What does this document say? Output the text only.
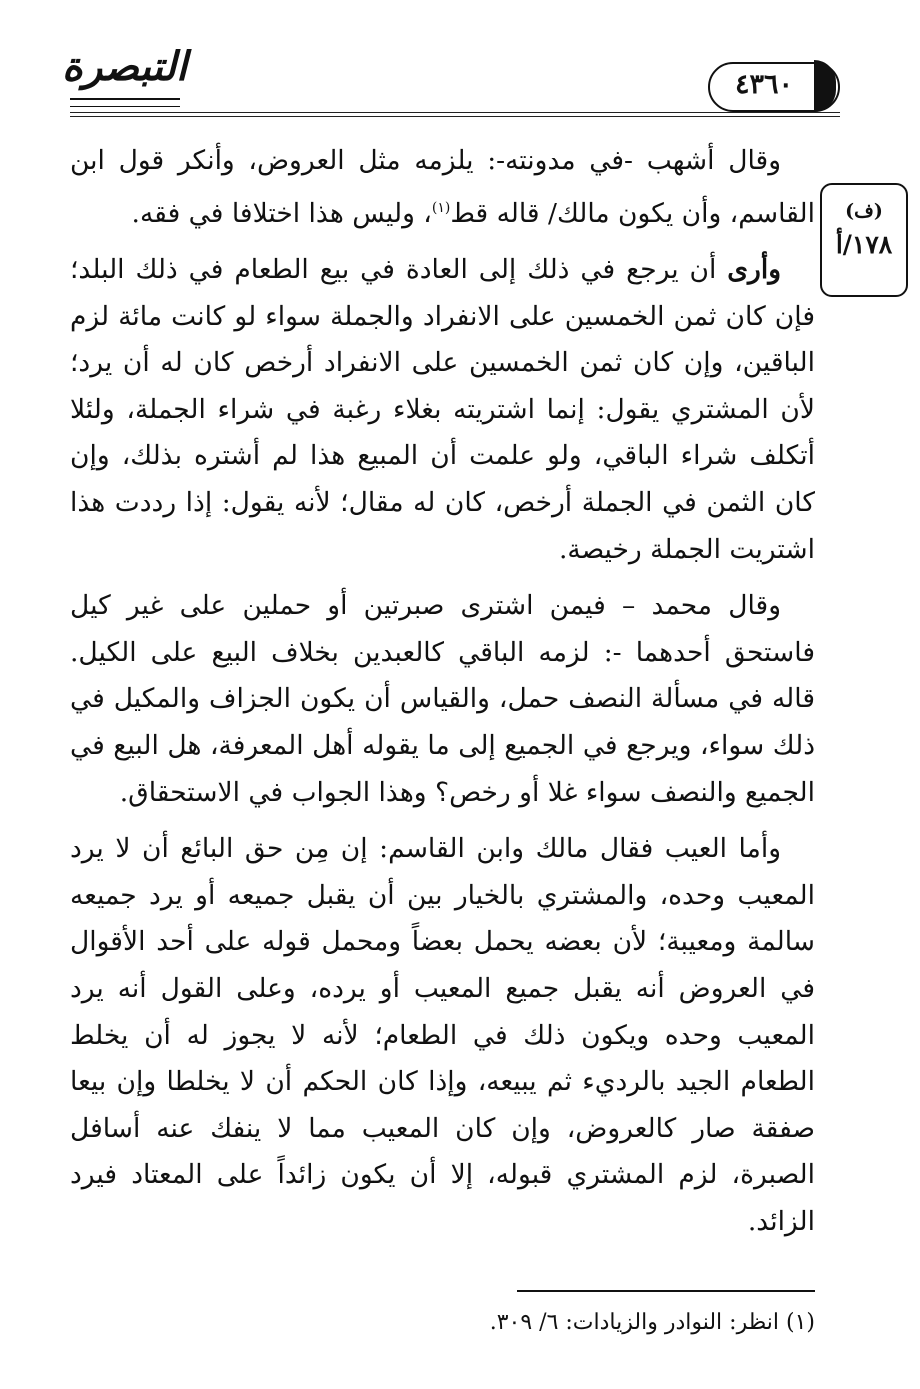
التبصرة	٤٣٦٠
(ف)
١٧٨/أ

وقال أشهب -في مدونته-: يلزمه مثل العروض، وأنكر قول ابن القاسم، وأن يكون مالك/ قاله قط$^{(١)}$، وليس هذا اختلافا في فقه.

وأرى أن يرجع في ذلك إلى العادة في بيع الطعام في ذلك البلد؛ فإن كان ثمن الخمسين على الانفراد والجملة سواء لو كانت مائة لزم الباقين، وإن كان ثمن الخمسين على الانفراد أرخص كان له أن يرد؛ لأن المشتري يقول: إنما اشتريته بغلاء رغبة في شراء الجملة، ولئلا أتكلف شراء الباقي، ولو علمت أن المبيع هذا لم أشتره بذلك، وإن كان الثمن في الجملة أرخص، كان له مقال؛ لأنه يقول: إذا رددت هذا اشتريت الجملة رخيصة.

وقال محمد – فيمن اشترى صبرتين أو حملين على غير كيل فاستحق أحدهما -: لزمه الباقي كالعبدين بخلاف البيع على الكيل. قاله في مسألة النصف حمل، والقياس أن يكون الجزاف والمكيل في ذلك سواء، ويرجع في الجميع إلى ما يقوله أهل المعرفة، هل البيع في الجميع والنصف سواء غلا أو رخص؟ وهذا الجواب في الاستحقاق.

وأما العيب فقال مالك وابن القاسم: إن مِن حق البائع أن لا يرد المعيب وحده، والمشتري بالخيار بين أن يقبل جميعه أو يرد جميعه سالمة ومعيبة؛ لأن بعضه يحمل بعضاً ومحمل قوله على أحد الأقوال في العروض أنه يقبل جميع المعيب أو يرده، وعلى القول أنه يرد المعيب وحده ويكون ذلك في الطعام؛ لأنه لا يجوز له أن يخلط الطعام الجيد بالرديء ثم يبيعه، وإذا كان الحكم أن لا يخلطا وإن بيعا صفقة صار كالعروض، وإن كان المعيب مما لا ينفك عنه أسافل الصبرة، لزم المشتري قبوله، إلا أن يكون زائداً على المعتاد فيرد الزائد.

(١) انظر: النوادر والزيادات: ٦/ ٣٠٩.
